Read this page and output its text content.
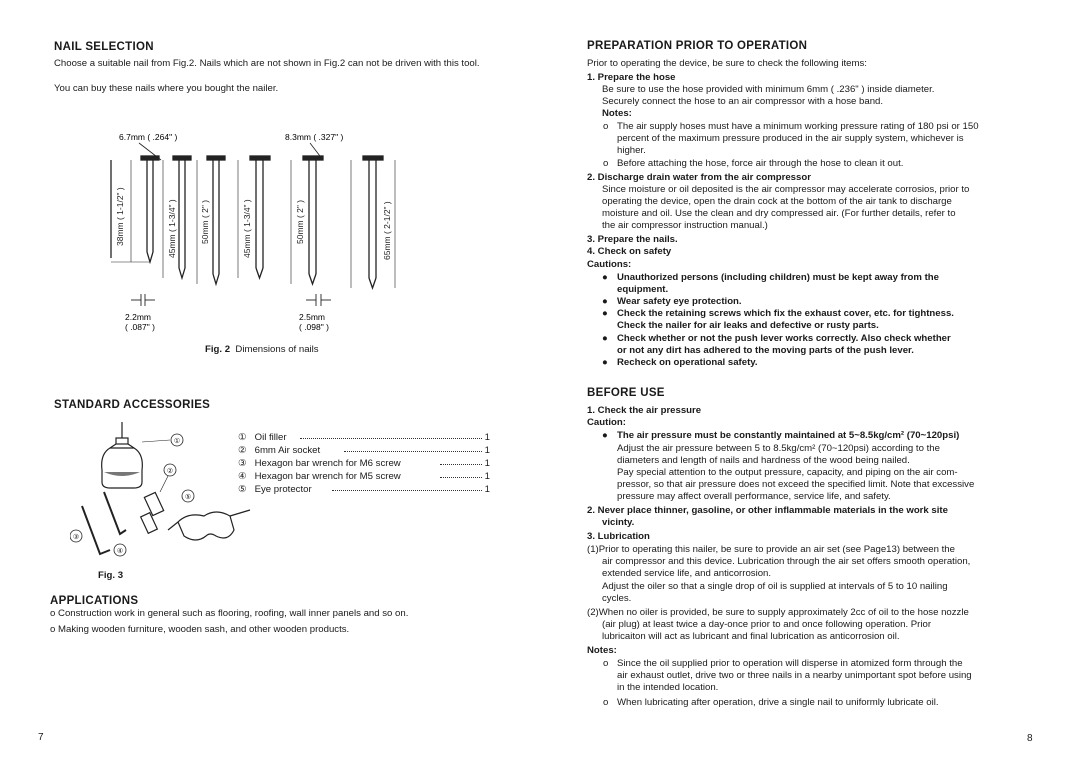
NAIL SELECTION
Choose a suitable nail from Fig.2. Nails which are not shown in Fig.2 can not be driven with this tool.
You can buy these nails where you bought the nailer.
6.7mm ( .264" )	8.3mm ( .327" )
38mm ( 1-1/2" )	45mm ( 1-3/4" )	50mm ( 2" )	45mm ( 1-3/4" )	50mm ( 2" )	65mm ( 2-1/2" )
2.2mm
( .087" )
2.5mm
( .098" )
Fig. 2 Dimensions of nails
STANDARD ACCESSORIES
①
②
③
④
⑤
① Oil filler	1
② 6mm Air socket	1
③ Hexagon bar wrench for M6 screw	1
④ Hexagon bar wrench for M5 screw	1
⑤ Eye protector	1
Fig. 3
APPLICATIONS
o Construction work in general such as flooring, roofing, wall inner panels and so on.
o Making wooden furniture, wooden sash, and other wooden products.
7
PREPARATION PRIOR TO OPERATION
Prior to operating the device, be sure to check the following items:
1. Prepare the hose
Be sure to use the hose provided with minimum 6mm ( .236" ) inside diameter.
Securely connect the hose to an air compressor with a hose band.
Notes:
o The air supply hoses must have a minimum working pressure rating of 180 psi or 150
percent of the maximum pressure produced in the air supply system, whichever is
higher.
o Before attaching the hose, force air through the hose to clean it out.
2. Discharge drain water from the air compressor
Since moisture or oil deposited is the air compressor may accelerate corrosios, prior to
operating the device, open the drain cock at the bottom of the air tank to discharge
moisture and oil. Use the clean and dry compressed air. (For further details, refer to
the air compressor instruction manual.)
3. Prepare the nails.
4. Check on safety
Cautions:
● Unauthorized persons (including children) must be kept away from the
equipment.
● Wear safety eye protection.
● Check the retaining screws which fix the exhaust cover, etc. for tightness.
Check the nailer for air leaks and defective or rusty parts.
● Check whether or not the push lever works correctly. Also check whether
or not any dirt has adhered to the moving parts of the push lever.
● Recheck on operational safety.
BEFORE USE
1. Check the air pressure
Caution:
● The air pressure must be constantly maintained at 5~8.5kg/cm² (70~120psi)
Adjust the air pressure between 5 to 8.5kg/cm² (70~120psi) according to the
diameters and length of nails and hardness of the wood being nailed.
Pay special attention to the output pressure, capacity, and piping on the air com-
pressor, so that air pressure does not exceed the specified limit. Note that excessive
pressure may affect overall performance, service life, and safety.
2. Never place thinner, gasoline, or other inflammable materials in the work site
vicinty.
3. Lubrication
(1)Prior to operating this nailer, be sure to provide an air set (see Page13) between the
air compressor and this device. Lubrication through the air set offers smooth operation,
extended service life, and anticorrosion.
Adjust the oiler so that a single drop of oil is supplied at intervals of 5 to 10 nailing
cycles.
(2)When no oiler is provided, be sure to supply approximately 2cc of oil to the hose nozzle
(air plug) at least twice a day-once prior to and once following operation. Prior
lubricaiton will act as lubricant and final lubrication as anticorrosion oil.
Notes:
o Since the oil supplied prior to operation will disperse in atomized form through the
air exhaust outlet, drive two or three nails in a nearby unimportant spot before using
in the intended location.
o When lubricating after operation, drive a single nail to uniformly lubricate oil.
8
